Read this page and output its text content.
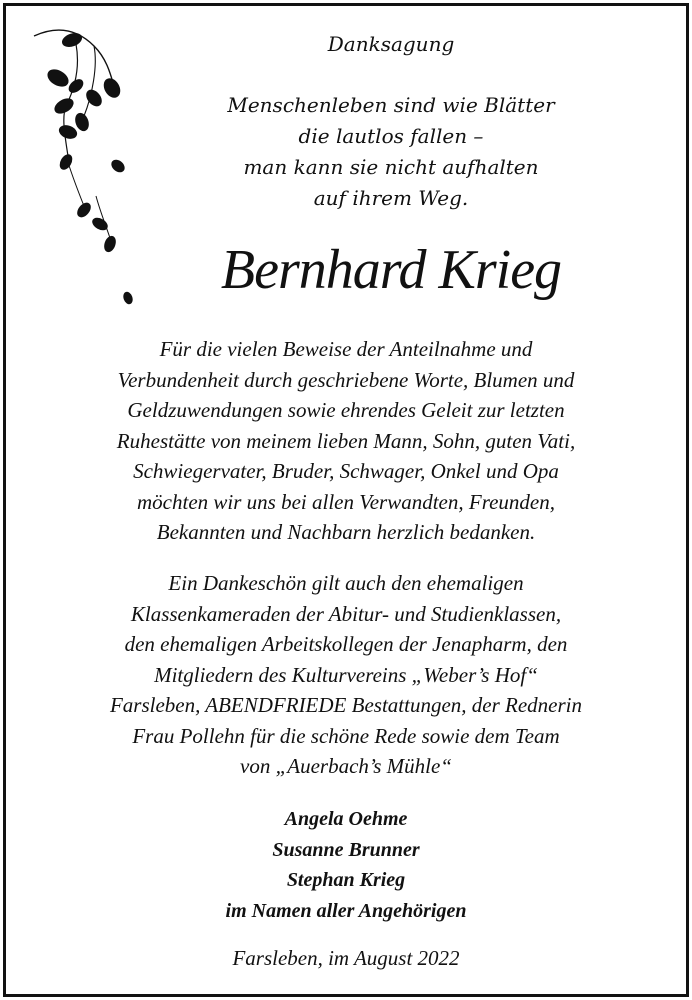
Danksagung
Menschenleben sind wie Blätter
die lautlos fallen –
man kann sie nicht aufhalten
auf ihrem Weg.
Bernhard Krieg
Für die vielen Beweise der Anteilnahme und
Verbundenheit durch geschriebene Worte, Blumen und
Geldzuwendungen sowie ehrendes Geleit zur letzten
Ruhestätte von meinem lieben Mann, Sohn, guten Vati,
Schwiegervater, Bruder, Schwager, Onkel und Opa
möchten wir uns bei allen Verwandten, Freunden,
Bekannten und Nachbarn herzlich bedanken.
Ein Dankeschön gilt auch den ehemaligen
Klassenkameraden der Abitur- und Studienklassen,
den ehemaligen Arbeitskollegen der Jenapharm, den
Mitgliedern des Kulturvereins „Weber’s Hof“
Farsleben, ABENDFRIEDE Bestattungen, der Rednerin
Frau Pollehn für die schöne Rede sowie dem Team
von „Auerbach’s Mühle“
Angela Oehme
Susanne Brunner
Stephan Krieg
im Namen aller Angehörigen
Farsleben, im August 2022
